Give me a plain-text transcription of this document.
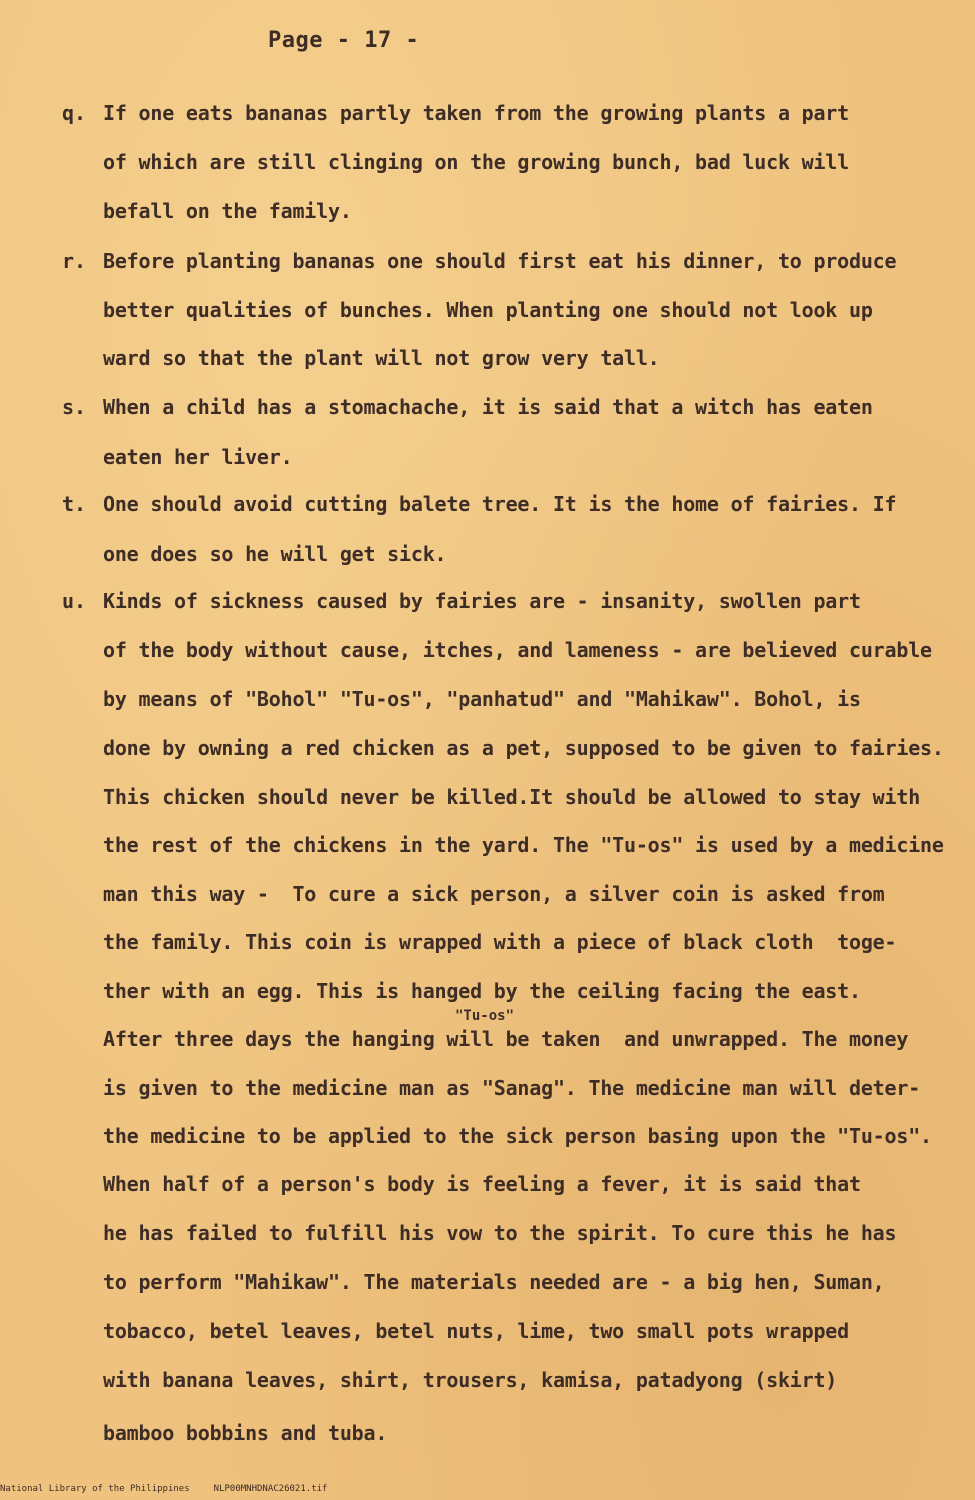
Page - 17 -
q. If one eats bananas partly taken from the growing plants a part
of which are still clinging on the growing bunch, bad luck will
befall on the family.
r. Before planting bananas one should first eat his dinner, to produce
better qualities of bunches. When planting one should not look up
ward so that the plant will not grow very tall.
s. When a child has a stomachache, it is said that a witch has eaten
eaten her liver.
t. One should avoid cutting balete tree. It is the home of fairies. If
one does so he will get sick.
u. Kinds of sickness caused by fairies are - insanity, swollen part
of the body without cause, itches, and lameness - are believed curable
by means of "Bohol" "Tu-os", "panhatud" and "Mahikaw". Bohol, is
done by owning a red chicken as a pet, supposed to be given to fairies.
This chicken should never be killed.It should be allowed to stay with
the rest of the chickens in the yard. The "Tu-os" is used by a medicine
man this way -  To cure a sick person, a silver coin is asked from
the family. This coin is wrapped with a piece of black cloth  toge-
ther with an egg. This is hanged by the ceiling facing the east.
"Tu-os"
After three days the hanging will be taken  and unwrapped. The money
is given to the medicine man as "Sanag". The medicine man will deter-
the medicine to be applied to the sick person basing upon the "Tu-os".
When half of a person's body is feeling a fever, it is said that
he has failed to fulfill his vow to the spirit. To cure this he has
to perform "Mahikaw". The materials needed are - a big hen, Suman,
tobacco, betel leaves, betel nuts, lime, two small pots wrapped
with banana leaves, shirt, trousers, kamisa, patadyong (skirt)
bamboo bobbins and tuba.
National Library of the Philippines	NLP00MNHDNAC26021.tif
